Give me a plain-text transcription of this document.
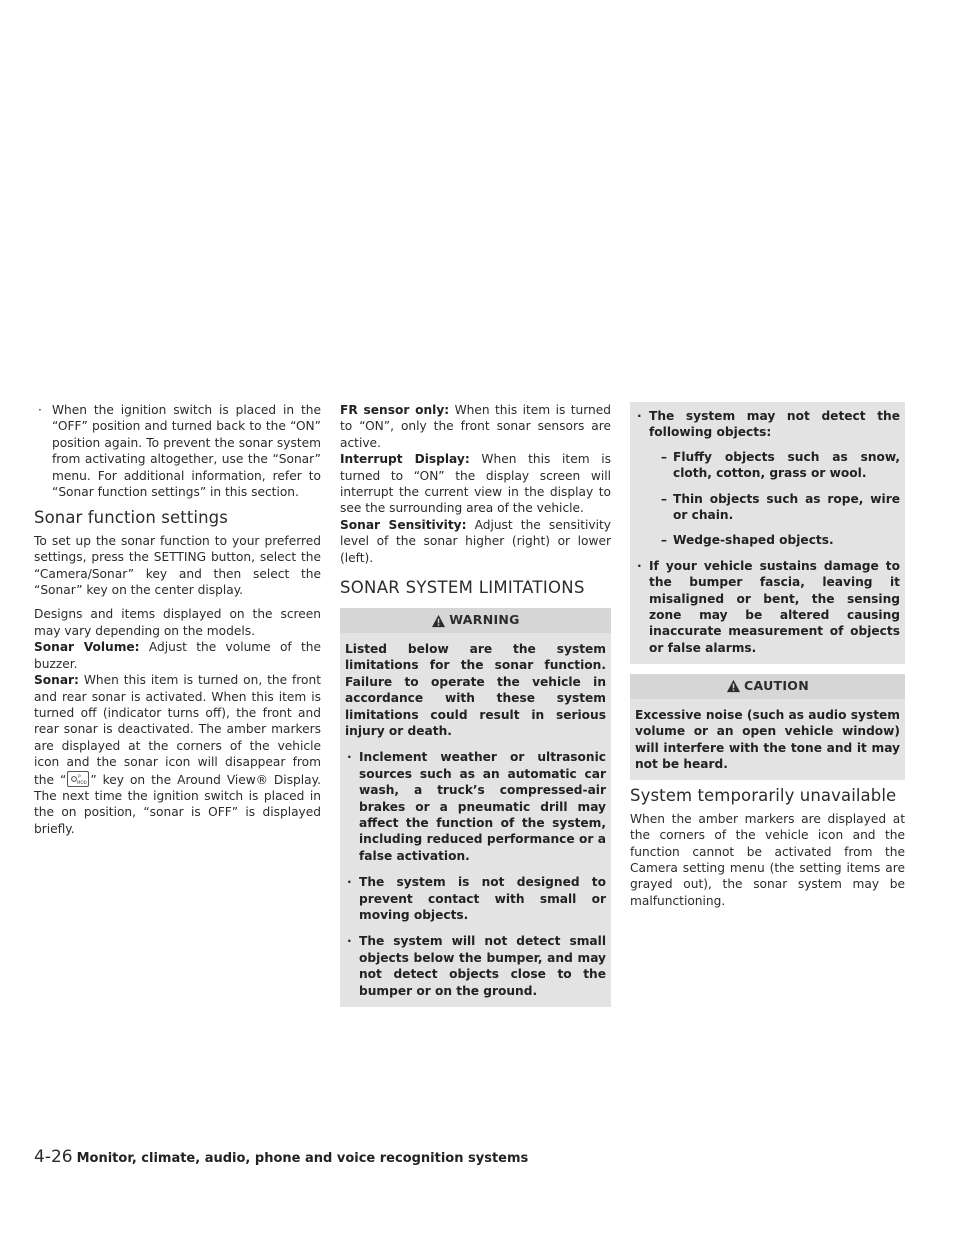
· When the ignition switch is placed in the “OFF” position and turned back to the “ON” position again. To prevent the sonar system from activating altogether, use the “Sonar” menu. For additional information, refer to “Sonar function settings” in this section.
Sonar function settings

To set up the sonar function to your preferred settings, press the SETTING button, select the “Camera/Sonar” key and then select the “Sonar” key on the center display.

Designs and items displayed on the screen may vary depending on the models.

Sonar Volume: Adjust the volume of the buzzer.
Sonar: When this item is turned on, the front and rear sonar is activated. When this item is turned off (indicator turns off), the front and rear sonar is deactivated. The amber markers are displayed at the corners of the vehicle icon and the sonar icon will disappear from the “	P
MOD ” key on the Around View® Display. The next time the ignition switch is placed in the on position, “sonar is OFF” is displayed briefly.
FR sensor only: When this item is turned to “ON”, only the front sonar sensors are active.
Interrupt Display: When this item is turned to “ON” the display screen will interrupt the current view in the display to see the surrounding area of the vehicle.
Sonar Sensitivity: Adjust the sensitivity level of the sonar higher (right) or lower (left).
SONAR SYSTEM LIMITATIONS
WARNING

Listed below are the system limitations for the sonar function. Failure to operate the vehicle in accordance with these system limitations could result in serious injury or death.

· Inclement weather or ultrasonic sources such as an automatic car wash, a truck’s compressed-air brakes or a pneumatic drill may affect the function of the system, including reduced performance or a false activation.
· The system is not designed to prevent contact with small or moving objects.
· The system will not detect small objects below the bumper, and may not detect objects close to the bumper or on the ground.
· The system may not detect the following objects:
– Fluffy objects such as snow, cloth, cotton, grass or wool.
– Thin objects such as rope, wire or chain.
– Wedge-shaped objects.
· If your vehicle sustains damage to the bumper fascia, leaving it misaligned or bent, the sensing zone may be altered causing inaccurate measurement of objects or false alarms.
CAUTION

Excessive noise (such as audio system volume or an open vehicle window) will interfere with the tone and it may not be heard.

System temporarily unavailable

When the amber markers are displayed at the corners of the vehicle icon and the function cannot be activated from the Camera setting menu (the setting items are grayed out), the sonar system may be malfunctioning.

4-26 Monitor, climate, audio, phone and voice recognition systems
